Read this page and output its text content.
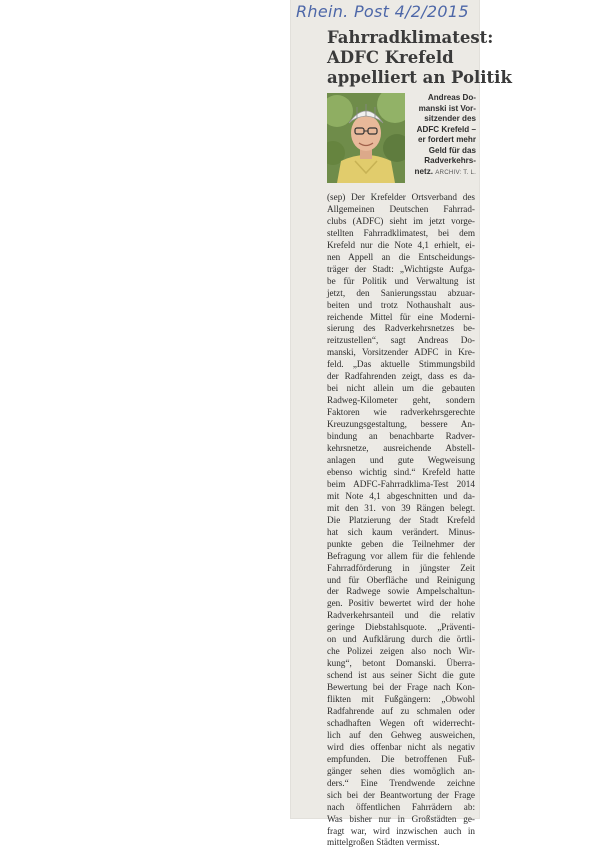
Rhein. Post 4/2/2015
Fahrradklimatest:
ADFC Krefeld
appelliert an Politik
Andreas Do-
manski ist Vor-
sitzender des
ADFC Krefeld –
er fordert mehr
Geld für das
Radverkehrs-
netz. ARCHIV: T. L.
(sep) Der Krefelder Ortsverband des
Allgemeinen Deutschen Fahrrad-
clubs (ADFC) sieht im jetzt vorge-
stellten Fahrradklimatest, bei dem
Krefeld nur die Note 4,1 erhielt, ei-
nen Appell an die Entscheidungs-
träger der Stadt: „Wichtigste Aufga-
be für Politik und Verwaltung ist
jetzt, den Sanierungsstau abzuar-
beiten und trotz Nothaushalt aus-
reichende Mittel für eine Moderni-
sierung des Radverkehrsnetzes be-
reitzustellen“, sagt Andreas Do-
manski, Vorsitzender ADFC in Kre-
feld. „Das aktuelle Stimmungsbild
der Radfahrenden zeigt, dass es da-
bei nicht allein um die gebauten
Radweg-Kilometer geht, sondern
Faktoren wie radverkehrsgerechte
Kreuzungsgestaltung, bessere An-
bindung an benachbarte Radver-
kehrsnetze, ausreichende Abstell-
anlagen und gute Wegweisung
ebenso wichtig sind.“ Krefeld hatte
beim ADFC-Fahrradklima-Test 2014
mit Note 4,1 abgeschnitten und da-
mit den 31. von 39 Rängen belegt.
Die Platzierung der Stadt Krefeld
hat sich kaum verändert. Minus-
punkte geben die Teilnehmer der
Befragung vor allem für die fehlende
Fahrradförderung in jüngster Zeit
und für Oberfläche und Reinigung
der Radwege sowie Ampelschaltun-
gen. Positiv bewertet wird der hohe
Radverkehrsanteil und die relativ
geringe Diebstahlsquote. „Präventi-
on und Aufklärung durch die örtli-
che Polizei zeigen also noch Wir-
kung“, betont Domanski. Überra-
schend ist aus seiner Sicht die gute
Bewertung bei der Frage nach Kon-
flikten mit Fußgängern: „Obwohl
Radfahrende auf zu schmalen oder
schadhaften Wegen oft widerrecht-
lich auf den Gehweg ausweichen,
wird dies offenbar nicht als negativ
empfunden. Die betroffenen Fuß-
gänger sehen dies womöglich an-
ders.“ Eine Trendwende zeichne
sich bei der Beantwortung der Frage
nach öffentlichen Fahrrädern ab:
Was bisher nur in Großstädten ge-
fragt war, wird inzwischen auch in
mittelgroßen Städten vermisst.
